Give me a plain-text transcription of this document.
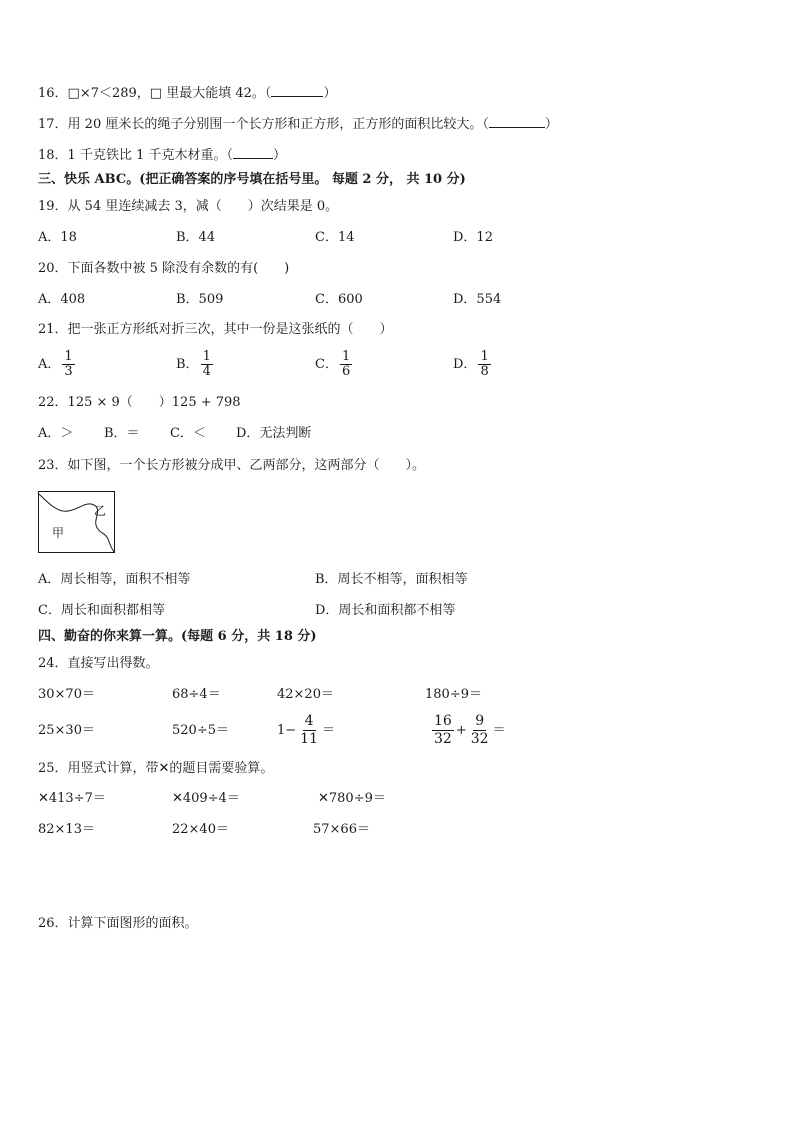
16．□×7＜289，□ 里最大能填 42。（	）
17．用 20 厘米长的绳子分别围一个长方形和正方形，正方形的面积比较大。（	）
18．1 千克铁比 1 千克木材重。（	）
三、快乐 ABC。(把正确答案的序号填在括号里。 每题 2 分， 共 10 分)
19．从 54 里连续减去 3，减（　　）次结果是 0。
A．18	B．44	C．14	D．12
20．下面各数中被 5 除没有余数的有(　　)
A．408	B．509	C．600	D．554
21．把一张正方形纸对折三次，其中一份是这张纸的（　　）
A． $\frac{1}{3}$	B． $\frac{1}{4}$	C． $\frac{1}{6}$	D． $\frac{1}{8}$
22．125 × 9（　　）125 + 798
A．＞ B．＝ C．＜ D．无法判断
23．如下图，一个长方形被分成甲、乙两部分，这两部分（　　）。
甲
乙
A．周长相等，面积不相等	B．周长不相等，面积相等
C．周长和面积都相等	D．周长和面积都不相等
四、勤奋的你来算一算。(每题 6 分，共 18 分)
24．直接写出得数。
30×70＝	68÷4＝	42×20＝	180÷9＝
25×30＝	520÷5＝	$1- \frac{4}{11}$ ＝	$\frac{16}{32} + \frac{9}{32}$ ＝
25．用竖式计算，带✕的题目需要验算。
✕413÷7＝	✕409÷4＝	✕780÷9＝
82×13＝	22×40＝	57×66＝
26．计算下面图形的面积。
